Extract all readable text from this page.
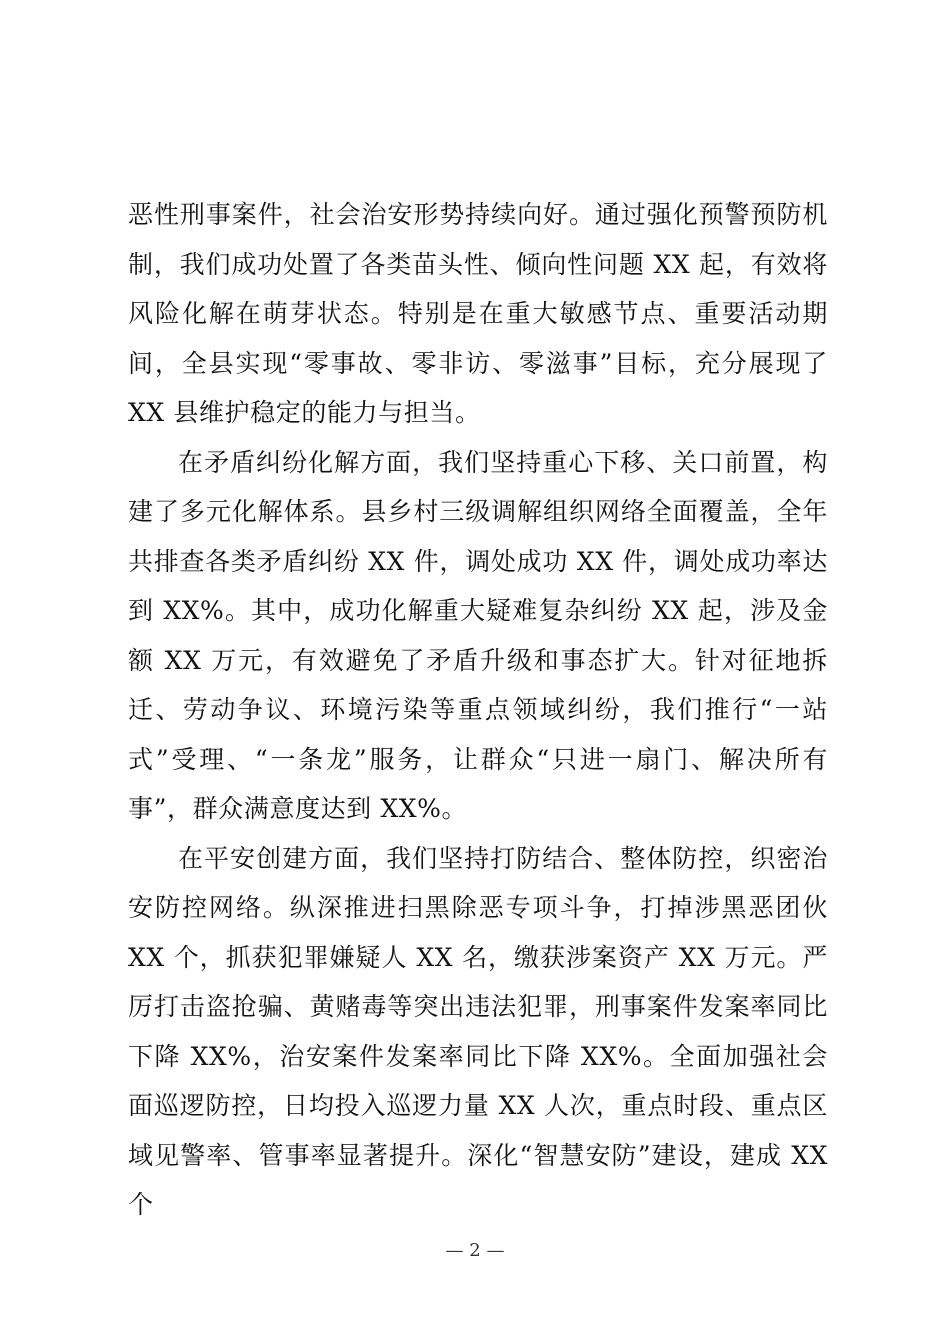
恶性刑事案件，社会治安形势持续向好。通过强化预警预防机制，我们成功处置了各类苗头性、倾向性问题 XX 起，有效将风险化解在萌芽状态。特别是在重大敏感节点、重要活动期间，全县实现“零事故、零非访、零滋事”目标，充分展现了 XX 县维护稳定的能力与担当。

在矛盾纠纷化解方面，我们坚持重心下移、关口前置，构建了多元化解体系。县乡村三级调解组织网络全面覆盖，全年共排查各类矛盾纠纷 XX 件，调处成功 XX 件，调处成功率达到 XX%。其中，成功化解重大疑难复杂纠纷 XX 起，涉及金额 XX 万元，有效避免了矛盾升级和事态扩大。针对征地拆迁、劳动争议、环境污染等重点领域纠纷，我们推行“一站式”受理、“一条龙”服务，让群众“只进一扇门、解决所有事”，群众满意度达到 XX%。

在平安创建方面，我们坚持打防结合、整体防控，织密治安防控网络。纵深推进扫黑除恶专项斗争，打掉涉黑恶团伙 XX 个，抓获犯罪嫌疑人 XX 名，缴获涉案资产 XX 万元。严厉打击盗抢骗、黄赌毒等突出违法犯罪，刑事案件发案率同比下降 XX%，治安案件发案率同比下降 XX%。全面加强社会面巡逻防控，日均投入巡逻力量 XX 人次，重点时段、重点区域见警率、管事率显著提升。深化“智慧安防”建设，建成 XX 个

— 2 —
